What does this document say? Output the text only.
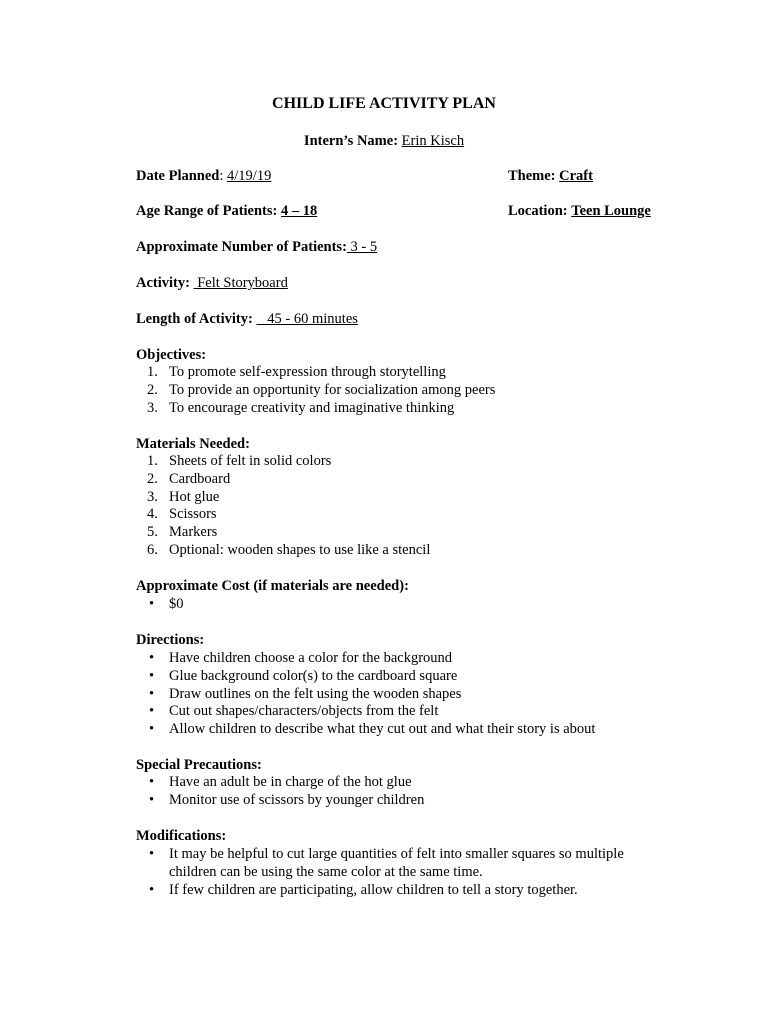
CHILD LIFE ACTIVITY PLAN
Intern’s Name: Erin Kisch
Date Planned: 4/19/19	Theme: Craft
Age Range of Patients: 4 – 18	Location: Teen Lounge
Approximate Number of Patients: 3 - 5
Activity:  Felt Storyboard
Length of Activity:    45 - 60 minutes
Objectives:
1. To promote self-expression through storytelling
2. To provide an opportunity for socialization among peers
3. To encourage creativity and imaginative thinking
Materials Needed:
1. Sheets of felt in solid colors
2. Cardboard
3. Hot glue
4. Scissors
5. Markers
6. Optional: wooden shapes to use like a stencil
Approximate Cost (if materials are needed):
• $0
Directions:
• Have children choose a color for the background
• Glue background color(s) to the cardboard square
• Draw outlines on the felt using the wooden shapes
• Cut out shapes/characters/objects from the felt
• Allow children to describe what they cut out and what their story is about
Special Precautions:
• Have an adult be in charge of the hot glue
• Monitor use of scissors by younger children
Modifications:
• It may be helpful to cut large quantities of felt into smaller squares so multiple children can be using the same color at the same time.
• If few children are participating, allow children to tell a story together.
